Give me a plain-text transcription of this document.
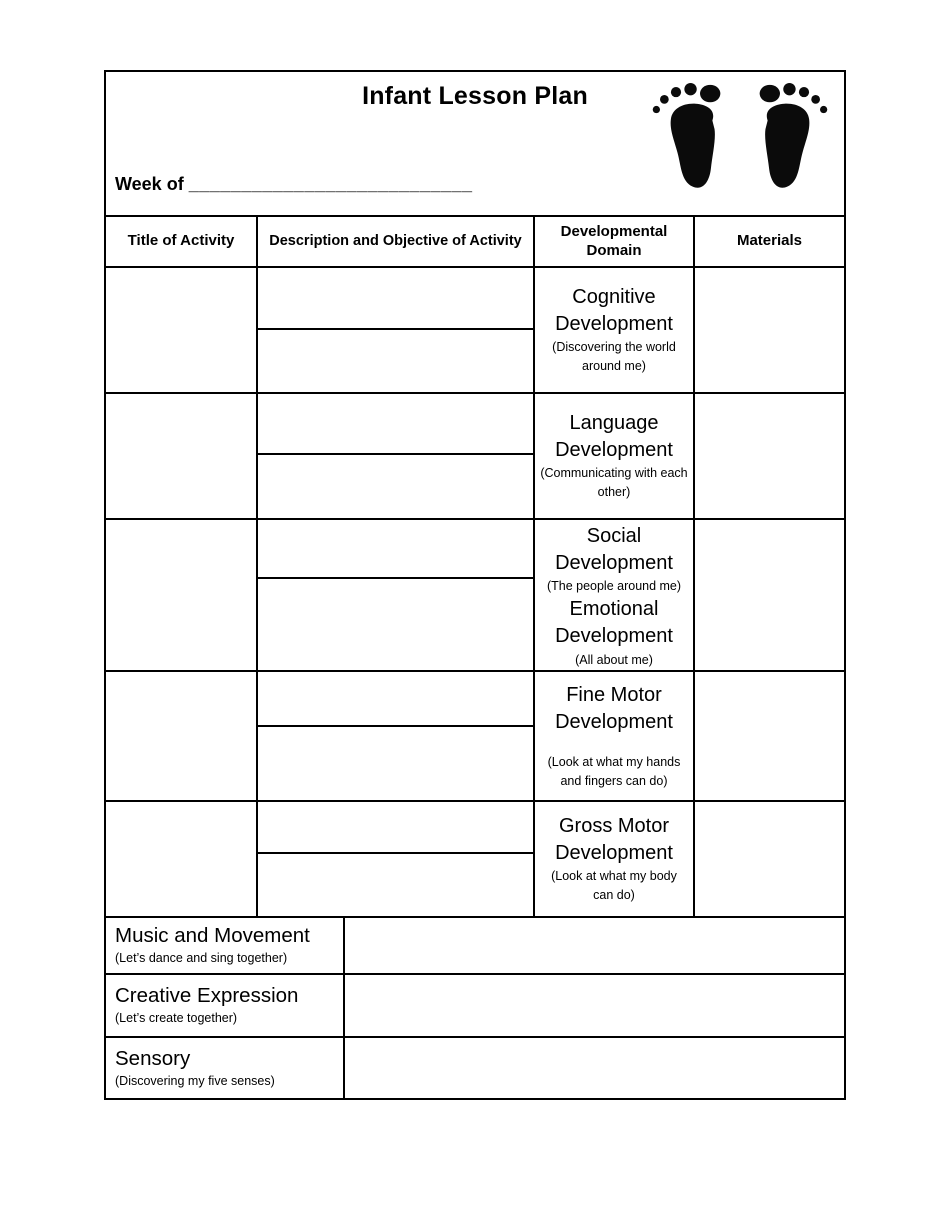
Infant Lesson Plan
Week of ___________________________
Title of Activity	Description and Objective of Activity
Developmental Domain
Materials
Cognitive Development
(Discovering the world around me)
Language Development
(Communicating with each other)
Social Development
(The people around me)
Emotional Development
(All about me)
Fine Motor Development
(Look at what my hands and fingers can do)
Gross Motor Development
(Look at what my body can do)
Music and Movement
(Let’s dance and sing together)
Creative Expression
(Let’s create together)
Sensory
(Discovering my five senses)
